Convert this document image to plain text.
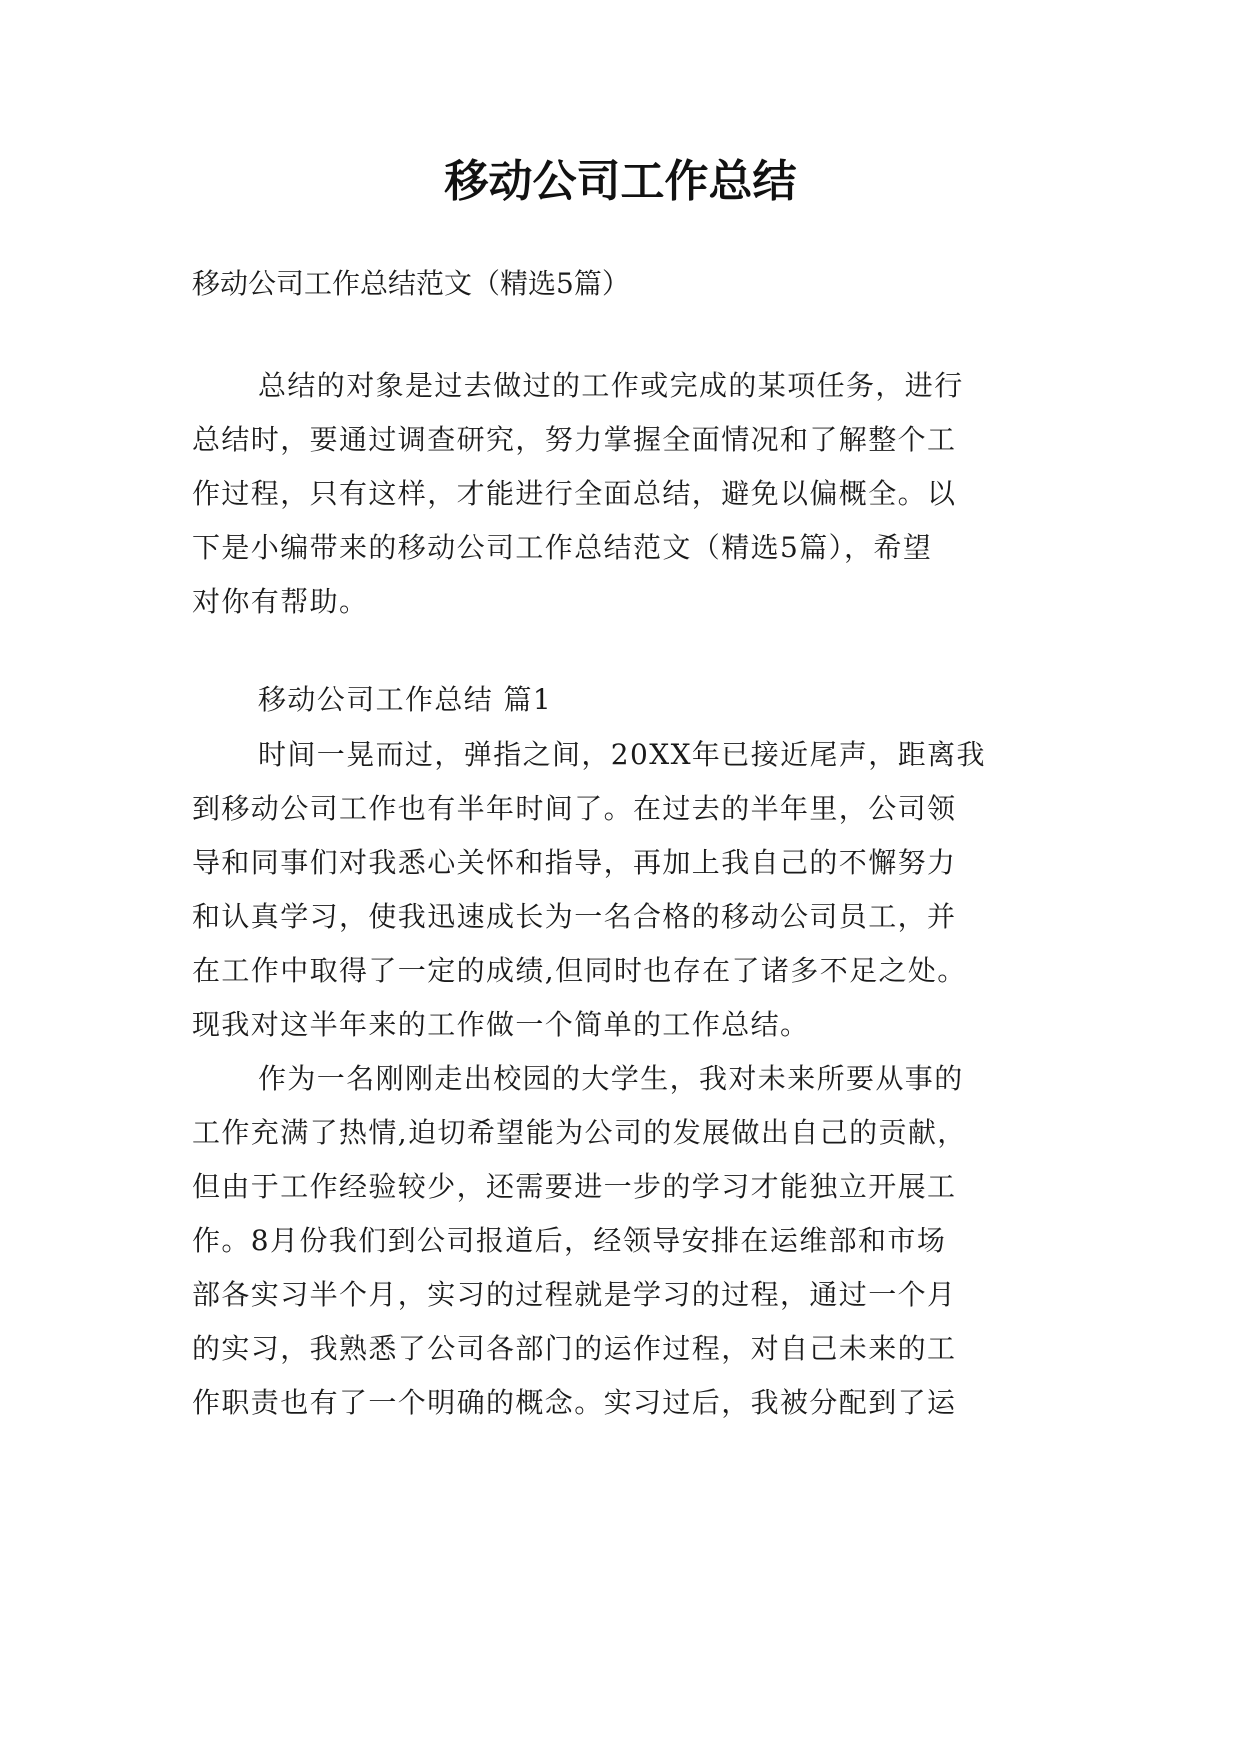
移动公司工作总结
移动公司工作总结范文（精选5篇）
总结的对象是过去做过的工作或完成的某项任务，进行
总结时，要通过调查研究，努力掌握全面情况和了解整个工
作过程，只有这样，才能进行全面总结，避免以偏概全。以
下是小编带来的移动公司工作总结范文（精选5篇），希望
对你有帮助。
移动公司工作总结 篇1
时间一晃而过，弹指之间，20XX年已接近尾声，距离我
到移动公司工作也有半年时间了。在过去的半年里，公司领
导和同事们对我悉心关怀和指导，再加上我自己的不懈努力
和认真学习，使我迅速成长为一名合格的移动公司员工，并
在工作中取得了一定的成绩,但同时也存在了诸多不足之处。
现我对这半年来的工作做一个简单的工作总结。
作为一名刚刚走出校园的大学生，我对未来所要从事的
工作充满了热情,迫切希望能为公司的发展做出自己的贡献，
但由于工作经验较少，还需要进一步的学习才能独立开展工
作。8月份我们到公司报道后，经领导安排在运维部和市场
部各实习半个月，实习的过程就是学习的过程，通过一个月
的实习，我熟悉了公司各部门的运作过程，对自己未来的工
作职责也有了一个明确的概念。实习过后，我被分配到了运
